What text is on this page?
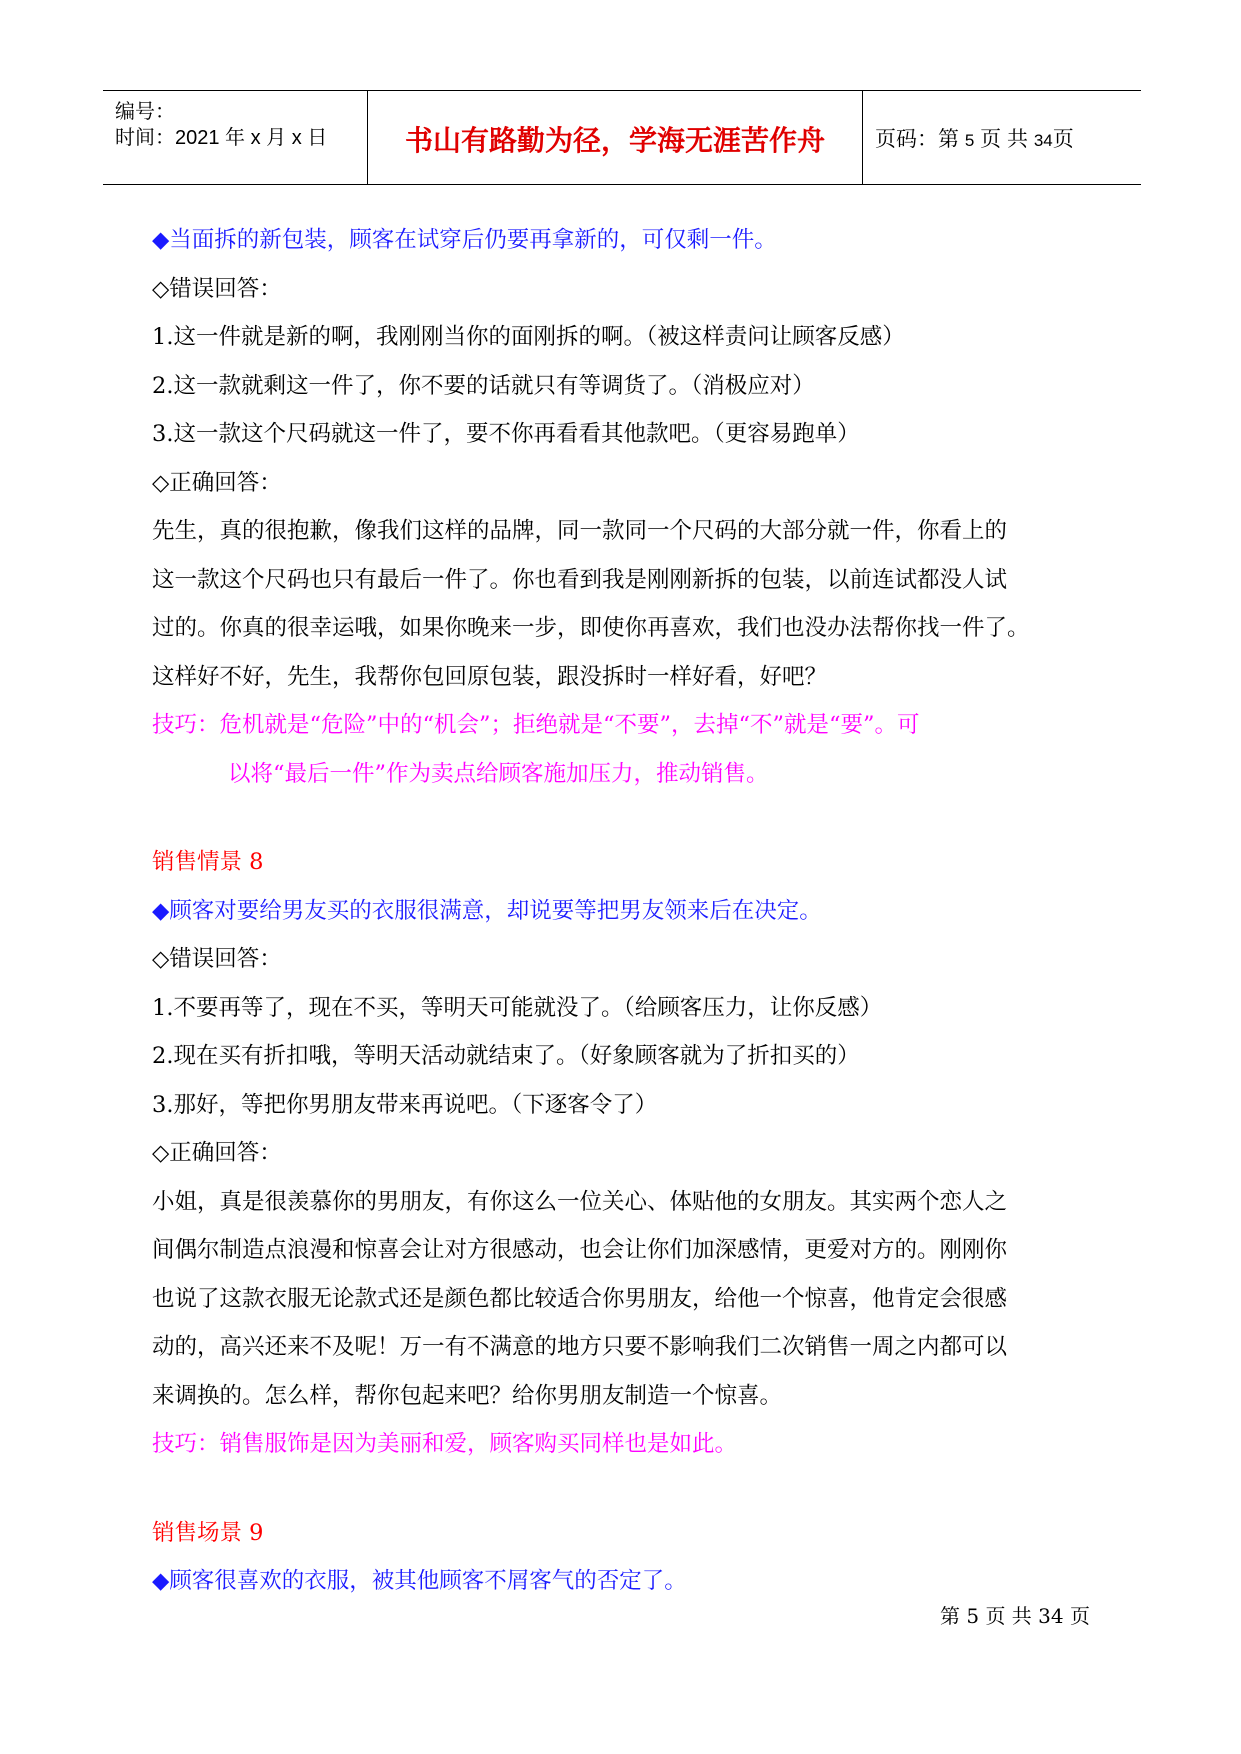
编号：
时间：2021 年 x 月 x 日	书山有路勤为径，学海无涯苦作舟	页码：第 5 页 共 34页

◆当面拆的新包装，顾客在试穿后仍要再拿新的，可仅剩一件。

◇错误回答：

1.这一件就是新的啊，我刚刚当你的面刚拆的啊。（被这样责问让顾客反感）

2.这一款就剩这一件了，你不要的话就只有等调货了。（消极应对）

3.这一款这个尺码就这一件了，要不你再看看其他款吧。（更容易跑单）

◇正确回答：

先生，真的很抱歉，像我们这样的品牌，同一款同一个尺码的大部分就一件，你看上的

这一款这个尺码也只有最后一件了。你也看到我是刚刚新拆的包装，以前连试都没人试

过的。你真的很幸运哦，如果你晚来一步，即使你再喜欢，我们也没办法帮你找一件了。

这样好不好，先生，我帮你包回原包装，跟没拆时一样好看，好吧？

技巧：危机就是“危险”中的“机会”；拒绝就是“不要”，去掉“不”就是“要”。可

以将“最后一件”作为卖点给顾客施加压力，推动销售。

销售情景 8

◆顾客对要给男友买的衣服很满意，却说要等把男友领来后在决定。

◇错误回答：

1.不要再等了，现在不买，等明天可能就没了。（给顾客压力，让你反感）

2.现在买有折扣哦，等明天活动就结束了。（好象顾客就为了折扣买的）

3.那好，等把你男朋友带来再说吧。（下逐客令了）

◇正确回答：

小姐，真是很羡慕你的男朋友，有你这么一位关心、体贴他的女朋友。其实两个恋人之

间偶尔制造点浪漫和惊喜会让对方很感动，也会让你们加深感情，更爱对方的。刚刚你

也说了这款衣服无论款式还是颜色都比较适合你男朋友，给他一个惊喜，他肯定会很感

动的，高兴还来不及呢！万一有不满意的地方只要不影响我们二次销售一周之内都可以

来调换的。怎么样，帮你包起来吧？给你男朋友制造一个惊喜。

技巧：销售服饰是因为美丽和爱，顾客购买同样也是如此。

销售场景 9

◆顾客很喜欢的衣服，被其他顾客不屑客气的否定了。

第 5 页 共 34 页
